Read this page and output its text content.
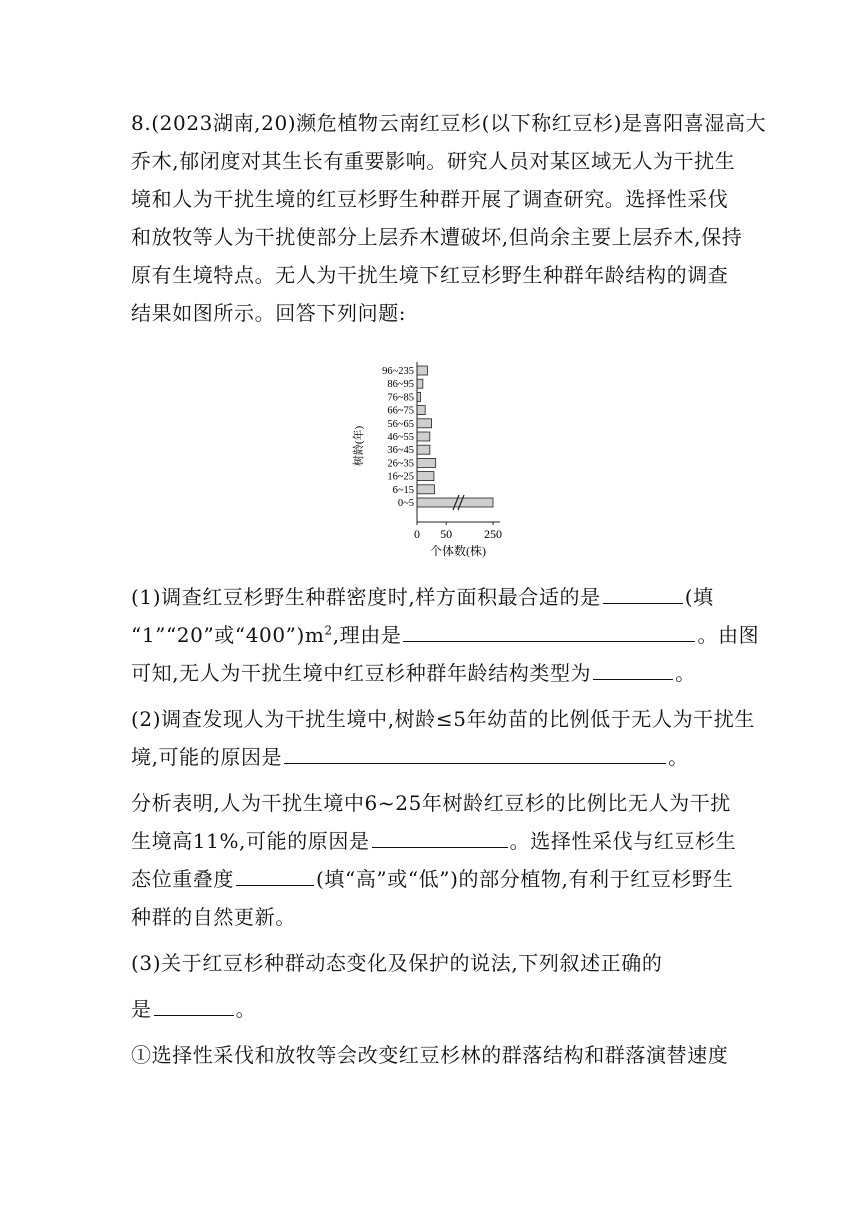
8.(2023湖南,20)濒危植物云南红豆杉(以下称红豆杉)是喜阳喜湿高大
乔木,郁闭度对其生长有重要影响。研究人员对某区域无人为干扰生
境和人为干扰生境的红豆杉野生种群开展了调查研究。选择性采伐
和放牧等人为干扰使部分上层乔木遭破坏,但尚余主要上层乔木,保持
原有生境特点。无人为干扰生境下红豆杉野生种群年龄结构的调查
结果如图所示。回答下列问题:
96~235
86~95
76~85
66~75
56~65
46~55
36~45
26~35
16~25
6~15
0~5
0 50	250
树龄(年)
个体数(株)
(1)调查红豆杉野生种群密度时,样方面积最合适的是	(填
“1”“20”或“$400”)m^2$,理由是	。由图
可知,无人为干扰生境中红豆杉种群年龄结构类型为	。
(2)调查发现人为干扰生境中,树龄≤5年幼苗的比例低于无人为干扰生
境,可能的原因是	。
分析表明,人为干扰生境中6~25年树龄红豆杉的比例比无人为干扰
生境高11%,可能的原因是	。选择性采伐与红豆杉生
态位重叠度	(填“高”或“低”)的部分植物,有利于红豆杉野生
种群的自然更新。
(3)关于红豆杉种群动态变化及保护的说法,下列叙述正确的
是	。
①选择性采伐和放牧等会改变红豆杉林的群落结构和群落演替速度
